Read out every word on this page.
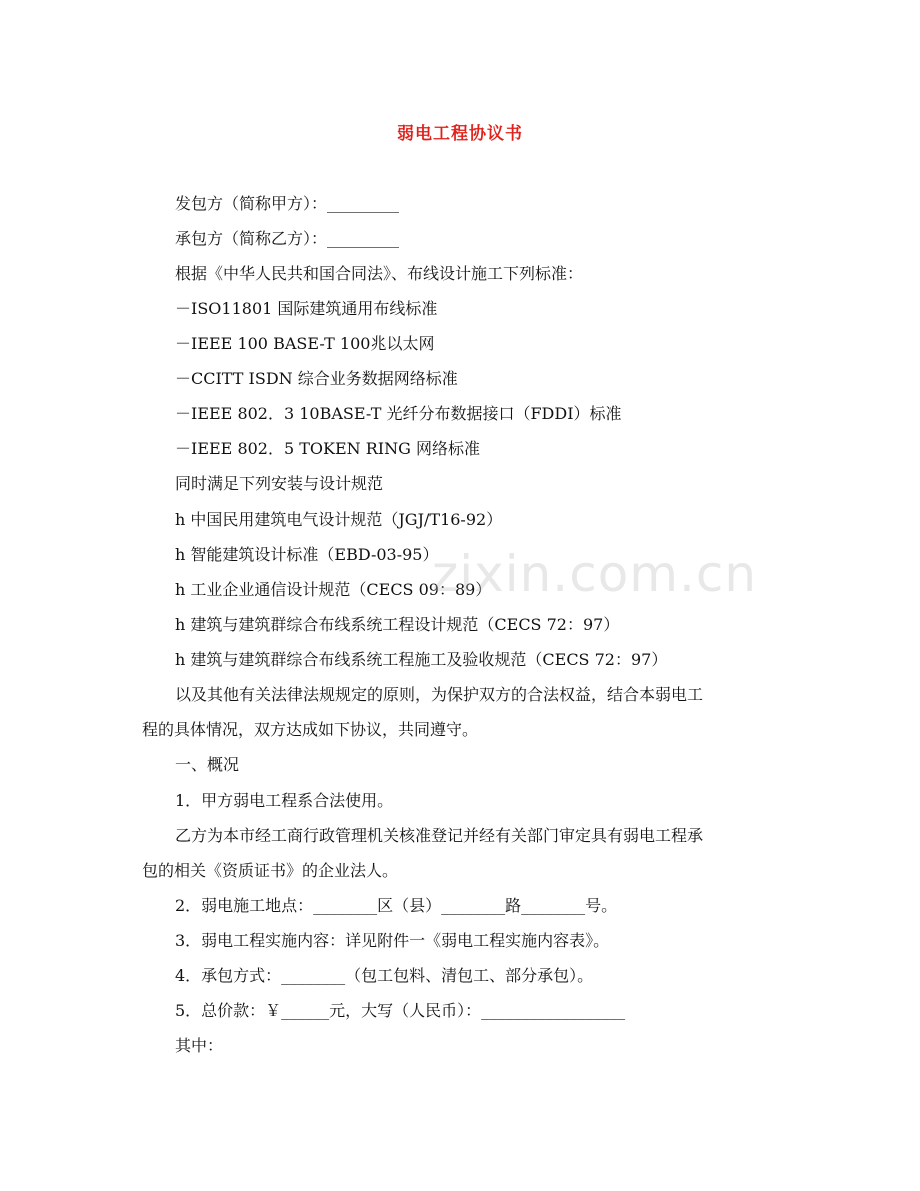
弱电工程协议书
发包方（简称甲方）：_________
承包方（简称乙方）：_________
根据《中华人民共和国合同法》、布线设计施工下列标准：
－ISO11801 国际建筑通用布线标准
－IEEE 100 BASE-T 100兆以太网
－CCITT ISDN 综合业务数据网络标准
－IEEE 802．3 10BASE-T 光纤分布数据接口（FDDI）标准
－IEEE 802．5 TOKEN RING 网络标准
同时满足下列安装与设计规范
h 中国民用建筑电气设计规范（JGJ/T16-92）
h 智能建筑设计标准（EBD-03-95）
h 工业企业通信设计规范（CECS 09：89）
h 建筑与建筑群综合布线系统工程设计规范（CECS 72：97）
h 建筑与建筑群综合布线系统工程施工及验收规范（CECS 72：97）
以及其他有关法律法规规定的原则，为保护双方的合法权益，结合本弱电工
程的具体情况，双方达成如下协议，共同遵守。
一、概况
1．甲方弱电工程系合法使用。
乙方为本市经工商行政管理机关核准登记并经有关部门审定具有弱电工程承
包的相关《资质证书》的企业法人。
2．弱电施工地点：________区（县）________路________号。
3．弱电工程实施内容：详见附件一《弱电工程实施内容表》。
4．承包方式：________（包工包料、清包工、部分承包）。
5．总价款：￥______元，大写（人民币）：__________________
其中：
zixin.com.cn
